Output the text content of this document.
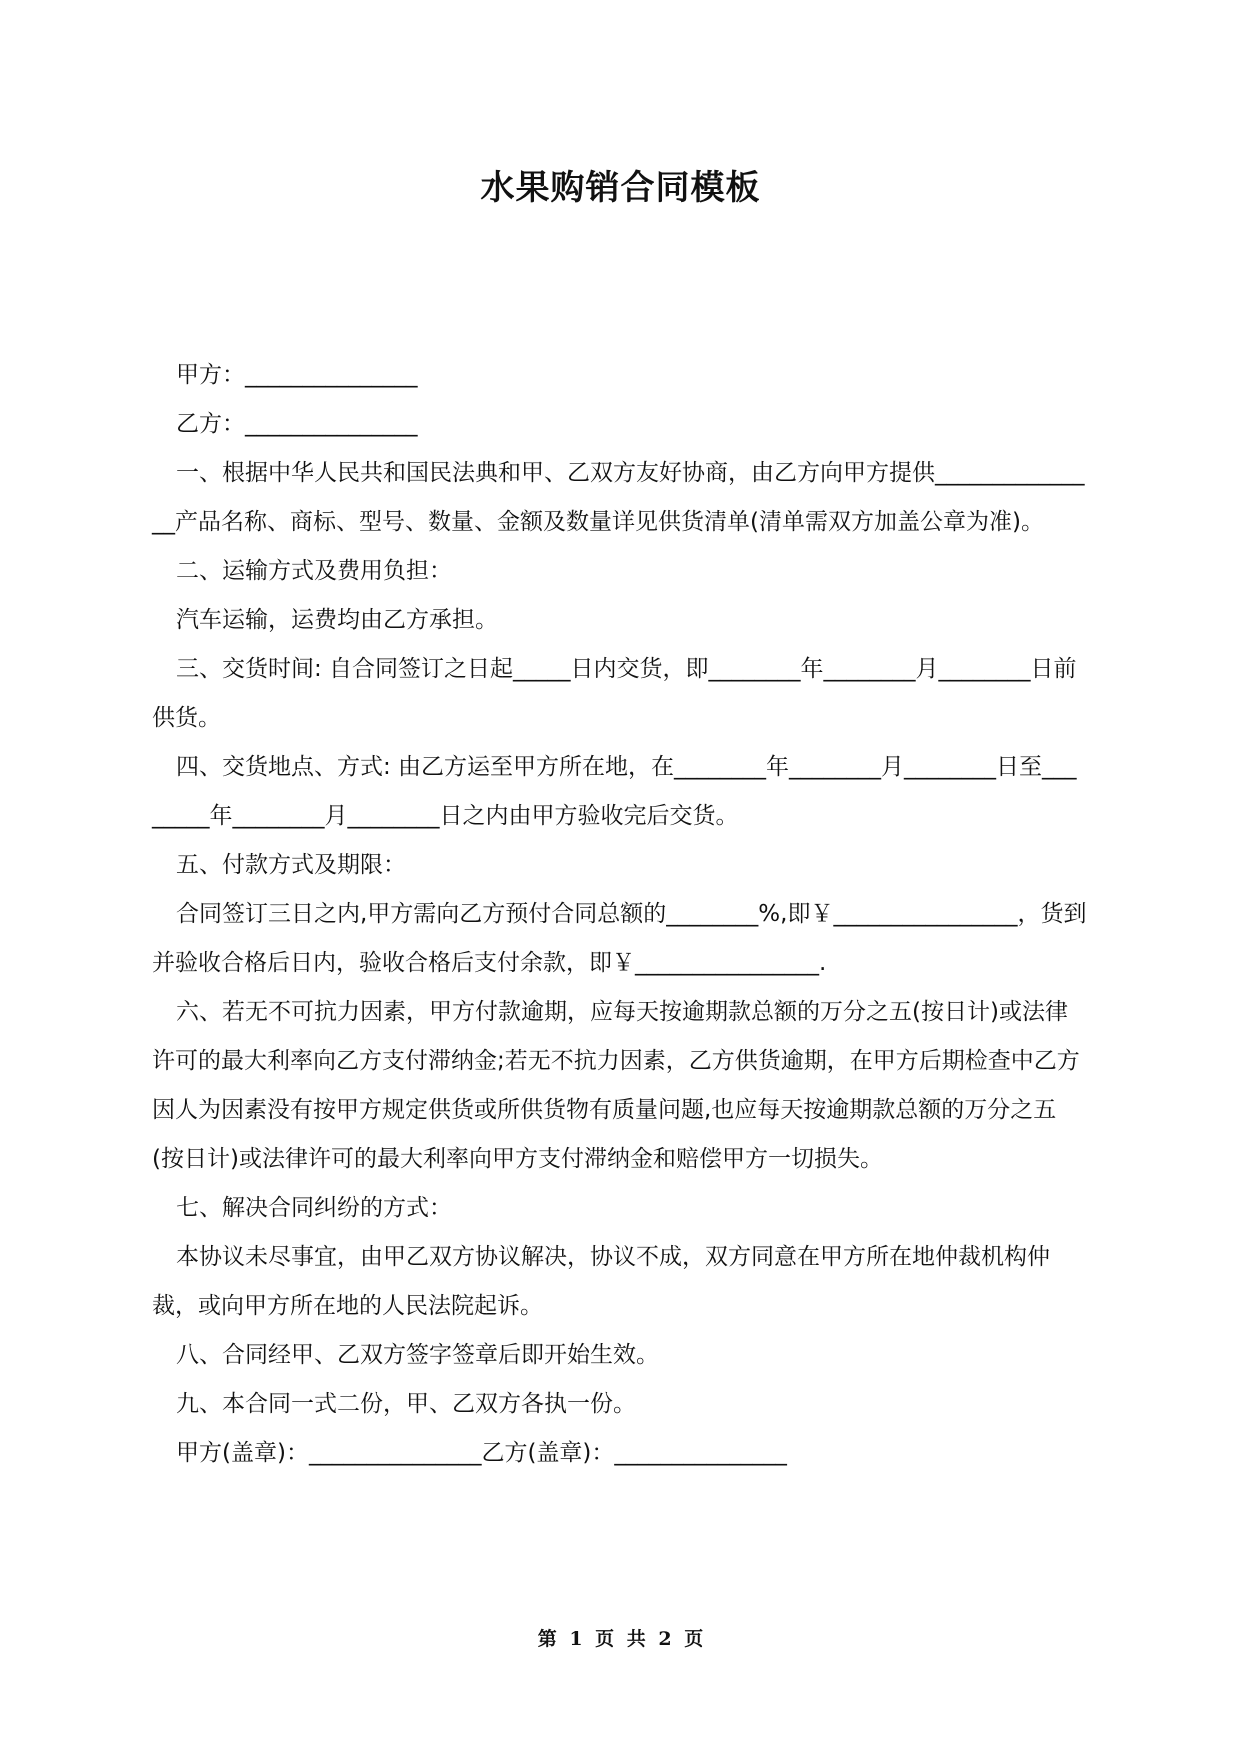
水果购销合同模板

甲方：_______________

乙方：_______________

一、根据中华人民共和国民法典和甲、乙双方友好协商，由乙方向甲方提供_______________产品名称、商标、型号、数量、金额及数量详见供货清单(清单需双方加盖公章为准)。

二、运输方式及费用负担：

汽车运输，运费均由乙方承担。

三、交货时间: 自合同签订之日起_____日内交货，即________年________月________日前供货。

四、交货地点、方式: 由乙方运至甲方所在地，在________年________月________日至________年________月________日之内由甲方验收完后交货。

五、付款方式及期限：

合同签订三日之内,甲方需向乙方预付合同总额的________%,即￥________________，货到并验收合格后日内，验收合格后支付余款，即￥________________.

六、若无不可抗力因素，甲方付款逾期，应每天按逾期款总额的万分之五(按日计)或法律许可的最大利率向乙方支付滞纳金;若无不抗力因素，乙方供货逾期，在甲方后期检查中乙方因人为因素没有按甲方规定供货或所供货物有质量问题,也应每天按逾期款总额的万分之五(按日计)或法律许可的最大利率向甲方支付滞纳金和赔偿甲方一切损失。

七、解决合同纠纷的方式：

本协议未尽事宜，由甲乙双方协议解决，协议不成，双方同意在甲方所在地仲裁机构仲裁，或向甲方所在地的人民法院起诉。

八、合同经甲、乙双方签字签章后即开始生效。

九、本合同一式二份，甲、乙双方各执一份。

甲方(盖章)：_______________乙方(盖章)：_______________

第 1 页 共 2 页
